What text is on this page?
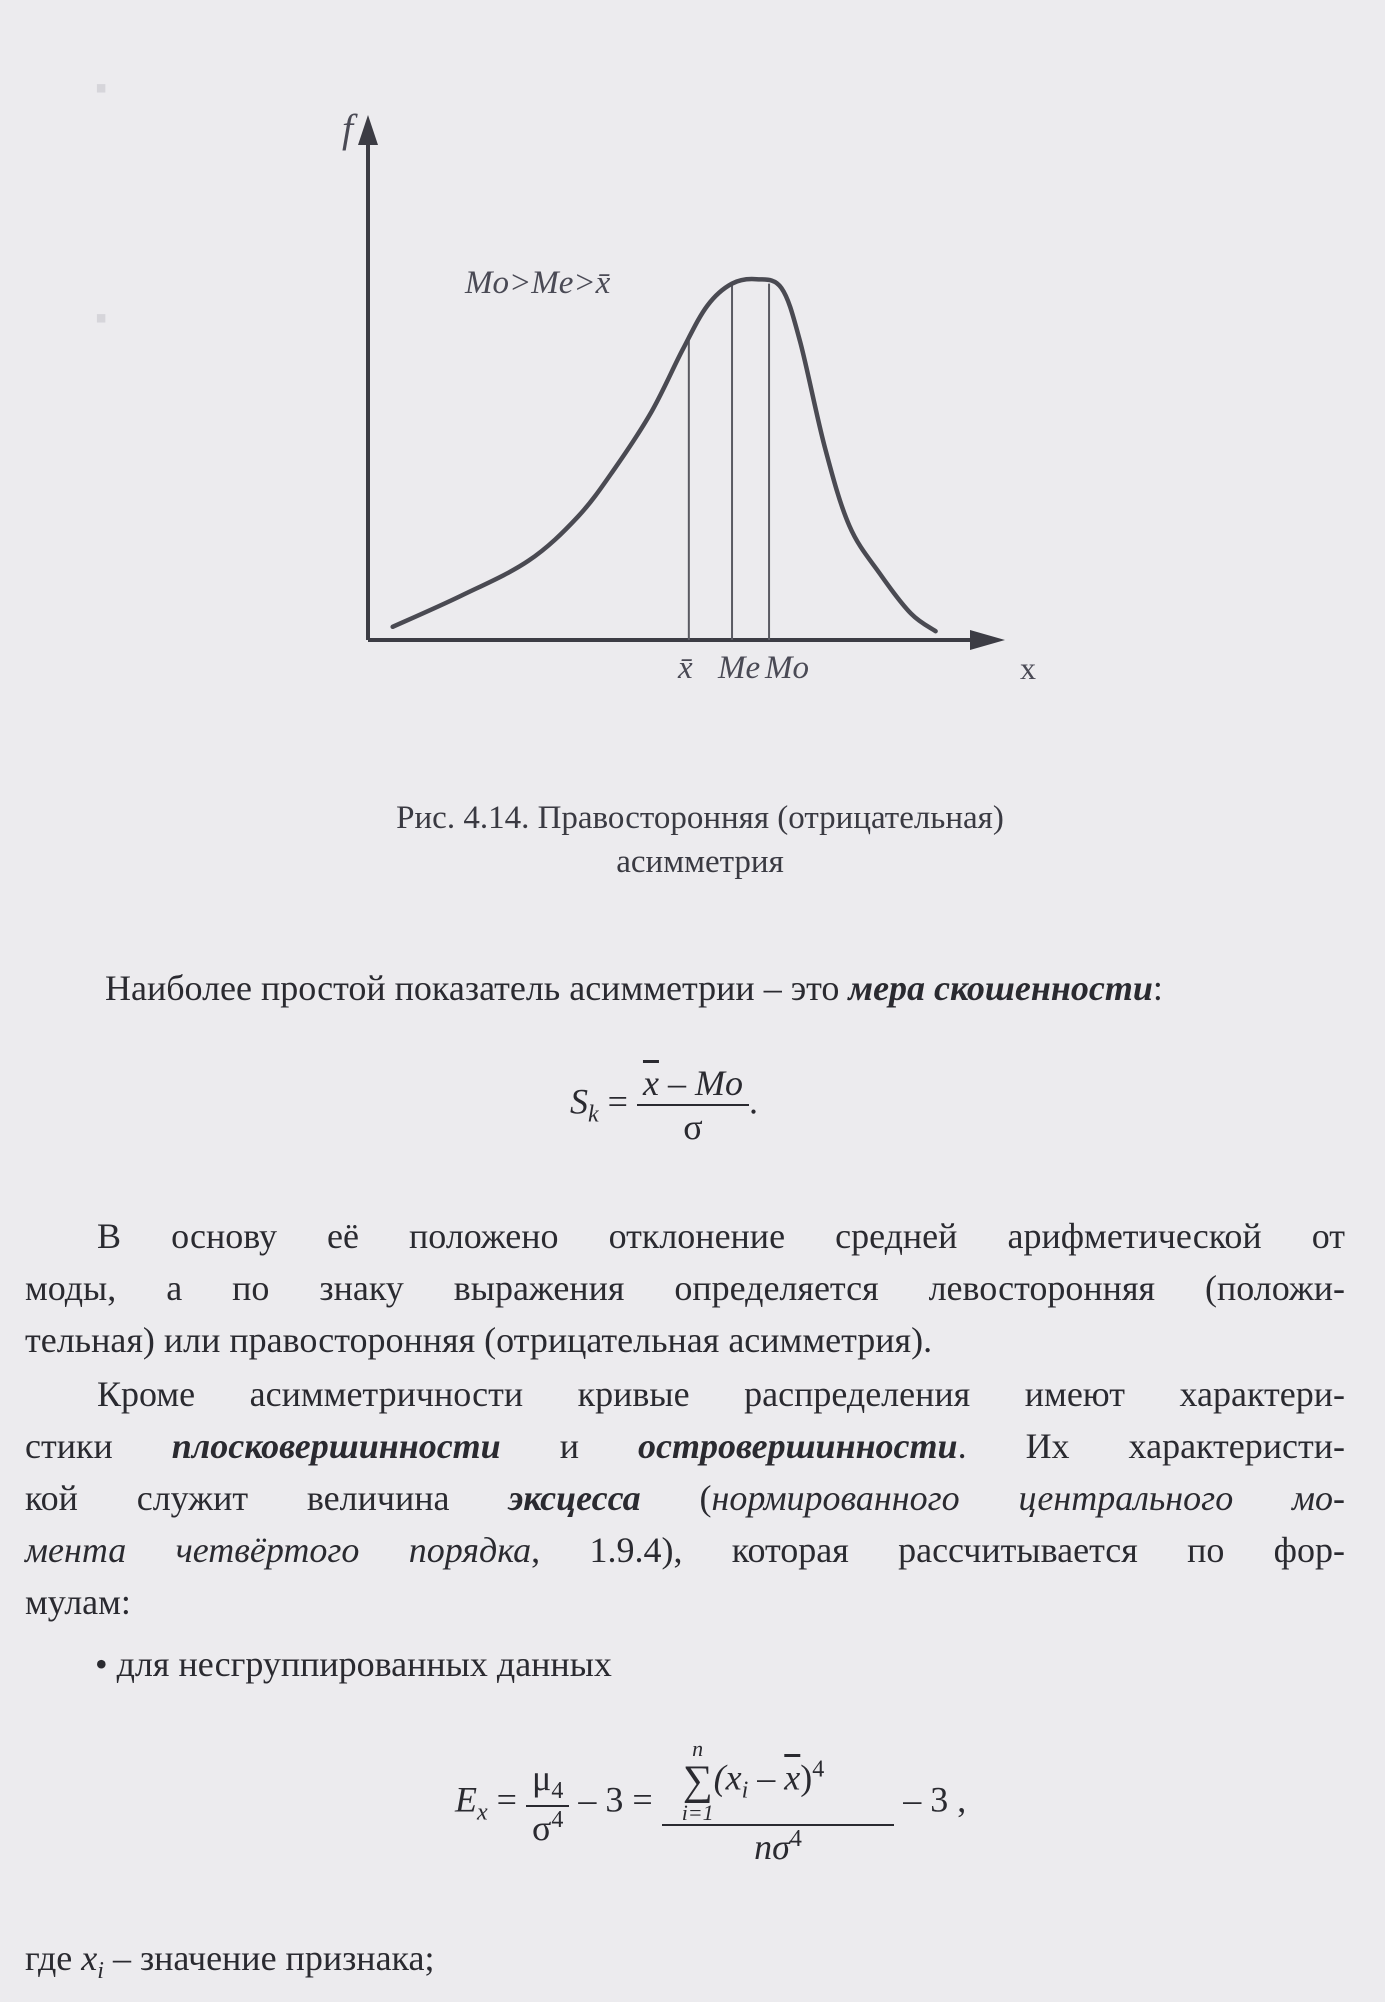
▪
▪
f
x
Mo>Me>x̄
x̄ Me Mo
Рис. 4.14. Правосторонняя (отрицательная)
асимметрия
Наиболее простой показатель асимметрии – это мера скошенности:
$S_k = \frac{\overline{x} - Mo}{\sigma}$ .
В основу её положено отклонение средней арифметической от
моды, а по знаку выражения определяется левосторонняя (положи-
тельная) или правосторонняя (отрицательная асимметрия).
Кроме асимметричности кривые распределения имеют характери-
стики плосковершинности и островершинности. Их характеристи-
кой служит величина эксцесса (нормированного центрального мо-
мента четвёртого порядка, 1.9.4), которая рассчитывается по фор-
мулам:
• для несгруппированных данных
$E_x = \frac{\mu_4}{\sigma^4} - 3 = n$
∑
i=1
$(x_i - \overline{x})^4$
$n\sigma^4 - 3$ ,
где $x_i$ – значение признака;
